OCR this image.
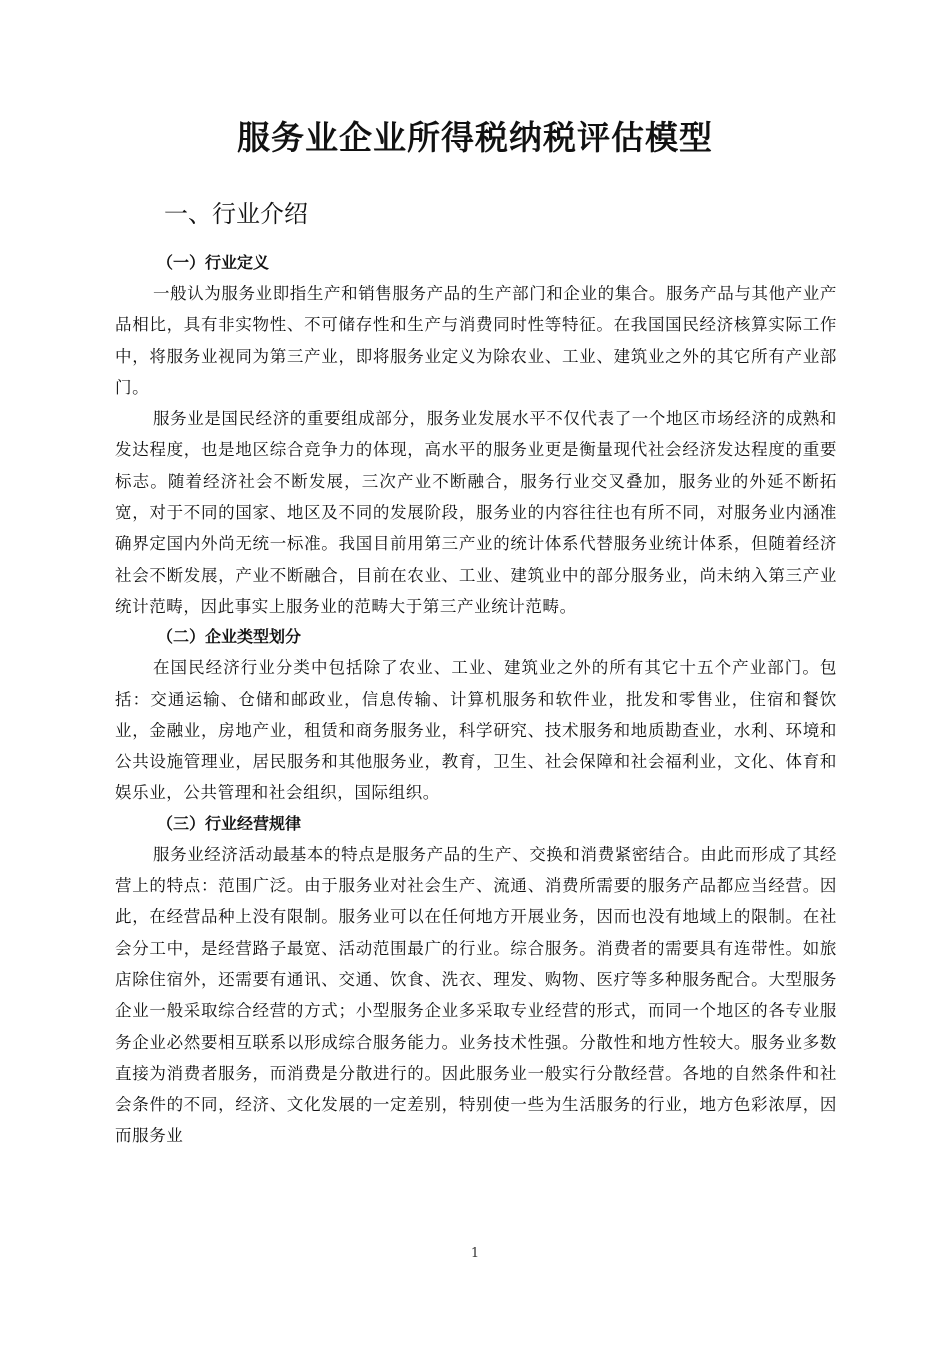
服务业企业所得税纳税评估模型
一、行业介绍
（一）行业定义

一般认为服务业即指生产和销售服务产品的生产部门和企业的集合。服务产品与其他产业产品相比，具有非实物性、不可储存性和生产与消费同时性等特征。在我国国民经济核算实际工作中，将服务业视同为第三产业，即将服务业定义为除农业、工业、建筑业之外的其它所有产业部门。

服务业是国民经济的重要组成部分，服务业发展水平不仅代表了一个地区市场经济的成熟和发达程度，也是地区综合竞争力的体现，高水平的服务业更是衡量现代社会经济发达程度的重要标志。随着经济社会不断发展，三次产业不断融合，服务行业交叉叠加，服务业的外延不断拓宽，对于不同的国家、地区及不同的发展阶段，服务业的内容往往也有所不同，对服务业内涵准确界定国内外尚无统一标准。我国目前用第三产业的统计体系代替服务业统计体系，但随着经济社会不断发展，产业不断融合，目前在农业、工业、建筑业中的部分服务业，尚未纳入第三产业统计范畴，因此事实上服务业的范畴大于第三产业统计范畴。

（二）企业类型划分

在国民经济行业分类中包括除了农业、工业、建筑业之外的所有其它十五个产业部门。包括：交通运输、仓储和邮政业，信息传输、计算机服务和软件业，批发和零售业，住宿和餐饮业，金融业，房地产业，租赁和商务服务业，科学研究、技术服务和地质勘查业，水利、环境和公共设施管理业，居民服务和其他服务业，教育，卫生、社会保障和社会福利业，文化、体育和娱乐业，公共管理和社会组织，国际组织。

（三）行业经营规律

服务业经济活动最基本的特点是服务产品的生产、交换和消费紧密结合。由此而形成了其经营上的特点：范围广泛。由于服务业对社会生产、流通、消费所需要的服务产品都应当经营。因此，在经营品种上没有限制。服务业可以在任何地方开展业务，因而也没有地域上的限制。在社会分工中，是经营路子最宽、活动范围最广的行业。综合服务。消费者的需要具有连带性。如旅店除住宿外，还需要有通讯、交通、饮食、洗衣、理发、购物、医疗等多种服务配合。大型服务企业一般采取综合经营的方式；小型服务企业多采取专业经营的形式，而同一个地区的各专业服务企业必然要相互联系以形成综合服务能力。业务技术性强。分散性和地方性较大。服务业多数直接为消费者服务，而消费是分散进行的。因此服务业一般实行分散经营。各地的自然条件和社会条件的不同，经济、文化发展的一定差别，特别使一些为生活服务的行业，地方色彩浓厚，因而服务业

1
